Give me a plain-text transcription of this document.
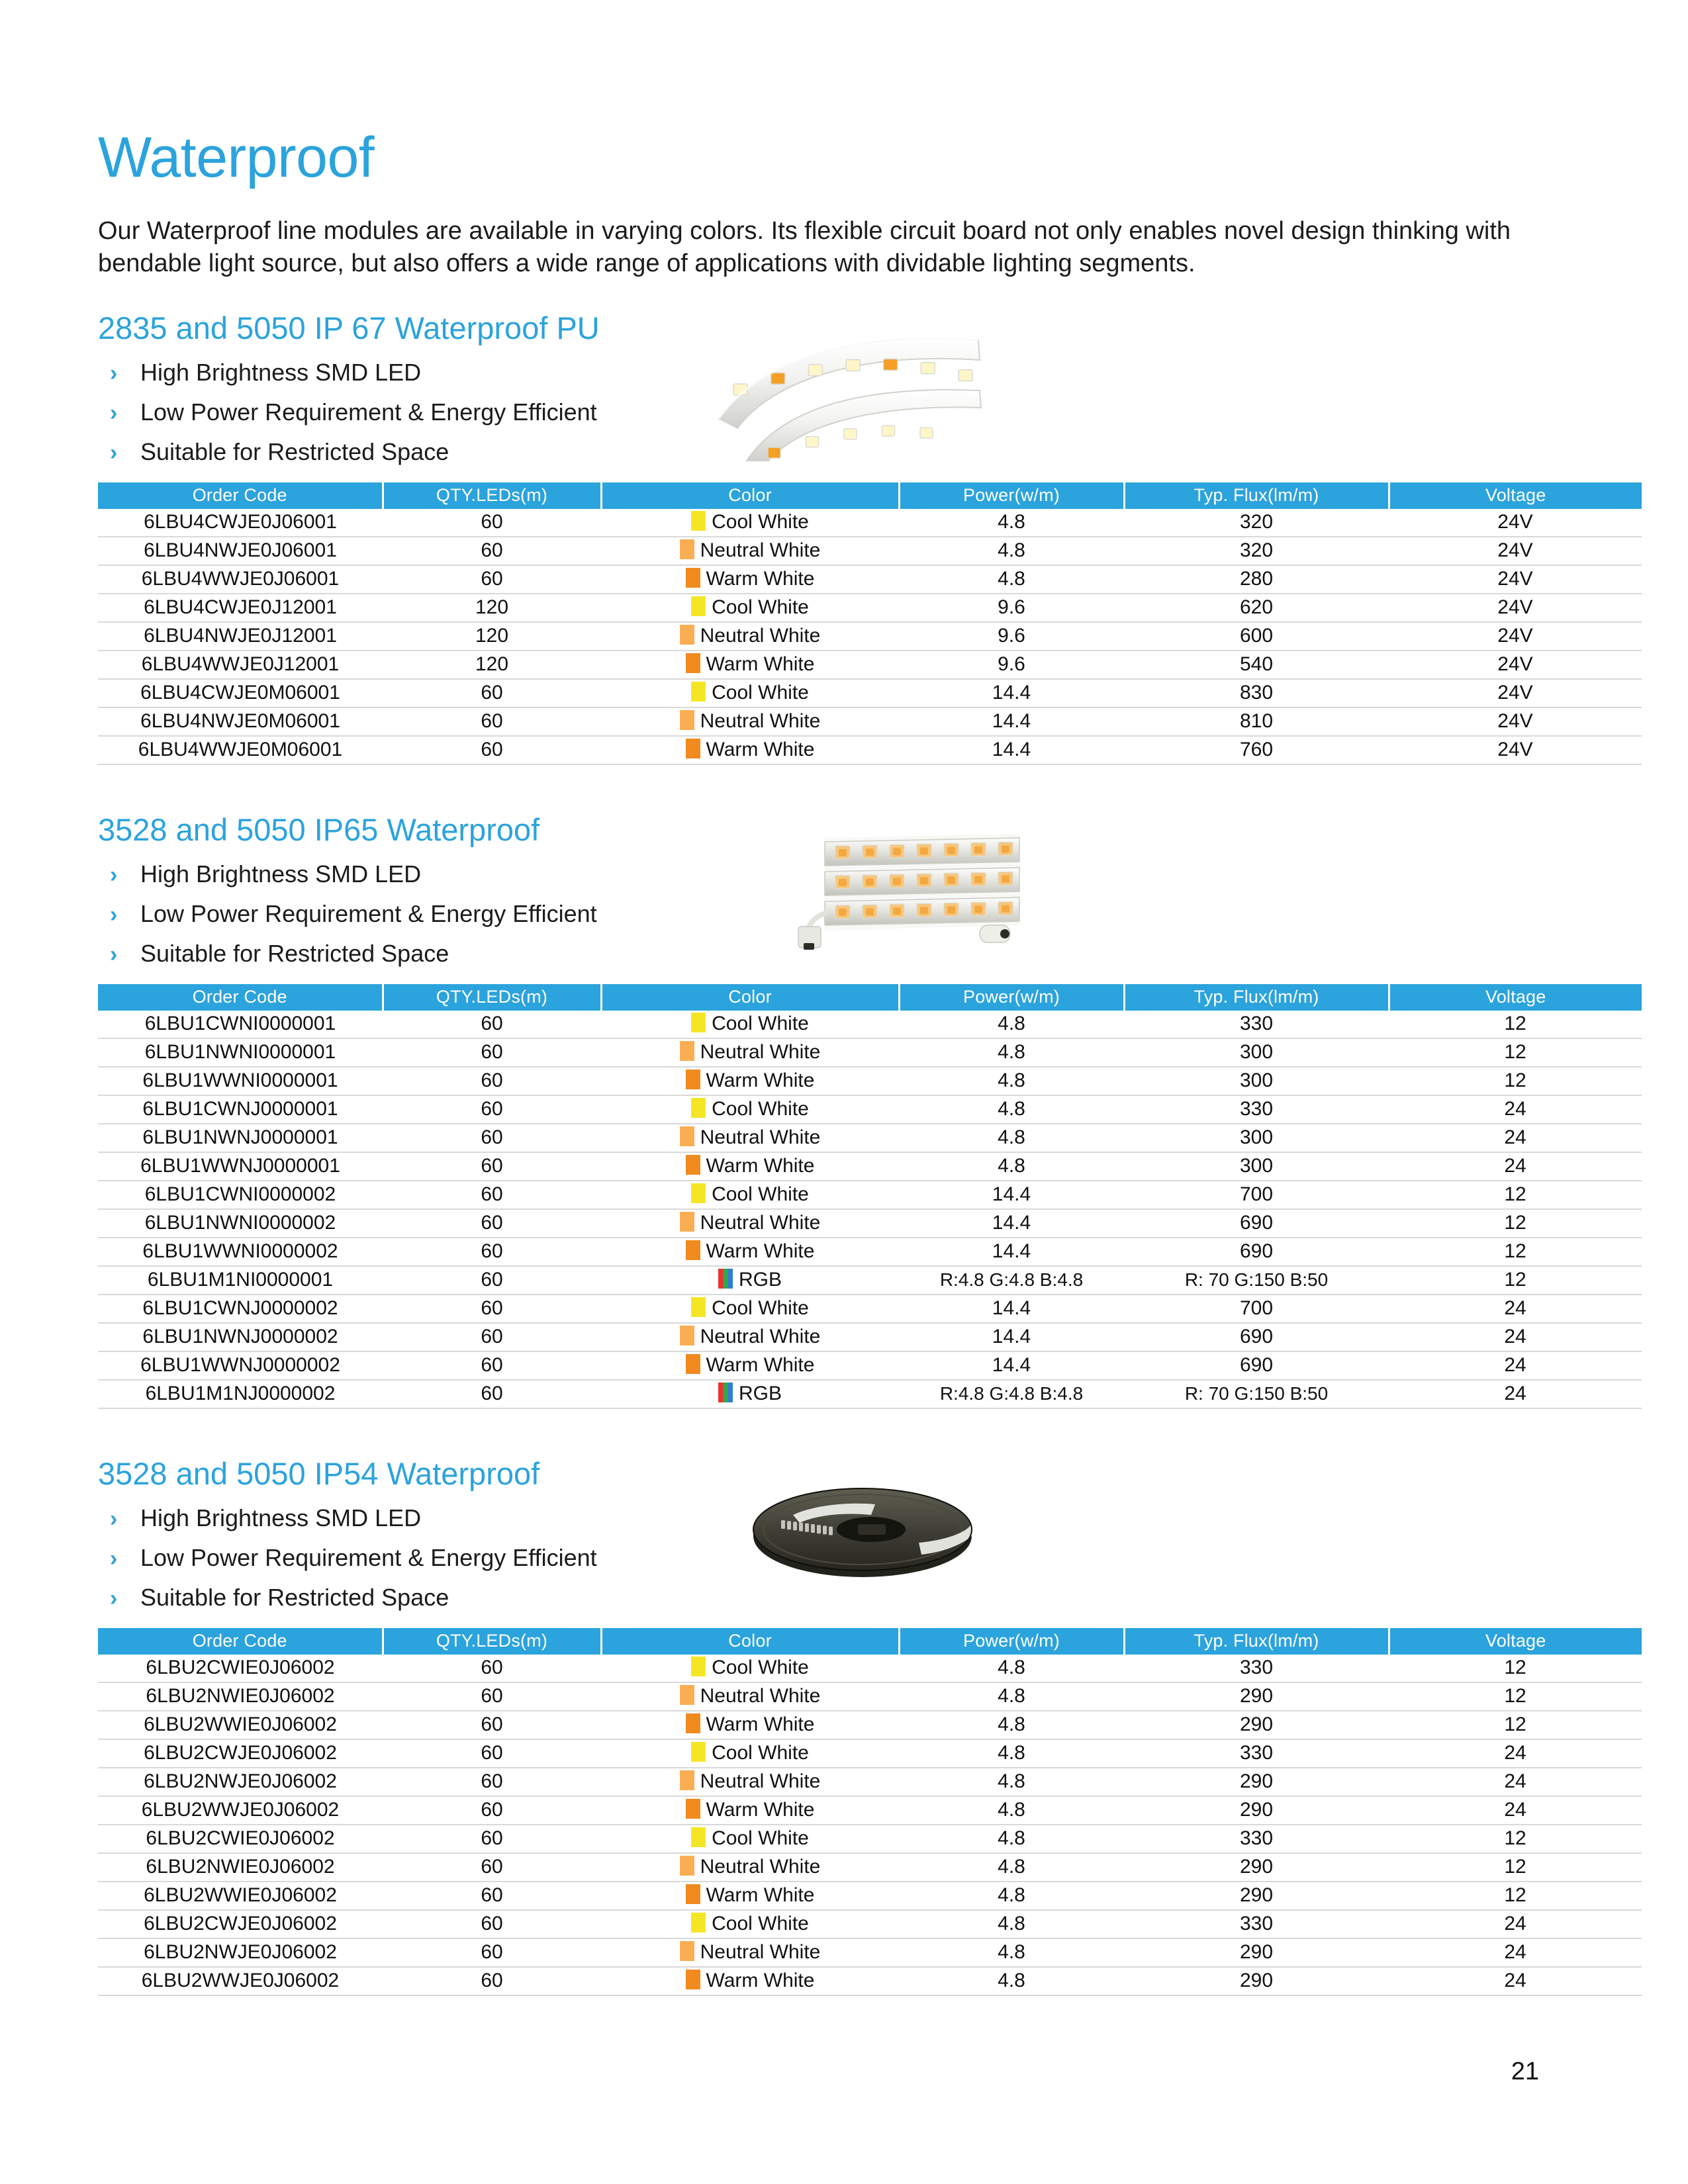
Waterproof

Our Waterproof line modules are available in varying colors. Its flexible circuit board not only enables novel design thinking with bendable light source, but also offers a wide range of applications with dividable lighting segments.

2835 and 5050 IP 67 Waterproof PU
› High Brightness SMD LED
› Low Power Requirement & Energy Efficient
› Suitable for Restricted Space
Order Code	QTY.LEDs(m)	Color	Power(w/m)	Typ. Flux(lm/m)	Voltage
6LBU4CWJE0J06001	60	Cool White	4.8	320	24V
6LBU4NWJE0J06001	60	Neutral White	4.8	320	24V
6LBU4WWJE0J06001	60	Warm White	4.8	280	24V
6LBU4CWJE0J12001	120	Cool White	9.6	620	24V
6LBU4NWJE0J12001	120	Neutral White	9.6	600	24V
6LBU4WWJE0J12001	120	Warm White	9.6	540	24V
6LBU4CWJE0M06001	60	Cool White	14.4	830	24V
6LBU4NWJE0M06001	60	Neutral White	14.4	810	24V
6LBU4WWJE0M06001	60	Warm White	14.4	760	24V
3528 and 5050 IP65 Waterproof
› High Brightness SMD LED
› Low Power Requirement & Energy Efficient
› Suitable for Restricted Space
Order Code	QTY.LEDs(m)	Color	Power(w/m)	Typ. Flux(lm/m)	Voltage
6LBU1CWNI0000001	60	Cool White	4.8	330	12
6LBU1NWNI0000001	60	Neutral White	4.8	300	12
6LBU1WWNI0000001	60	Warm White	4.8	300	12
6LBU1CWNJ0000001	60	Cool White	4.8	330	24
6LBU1NWNJ0000001	60	Neutral White	4.8	300	24
6LBU1WWNJ0000001	60	Warm White	4.8	300	24
6LBU1CWNI0000002	60	Cool White	14.4	700	12
6LBU1NWNI0000002	60	Neutral White	14.4	690	12
6LBU1WWNI0000002	60	Warm White	14.4	690	12
6LBU1M1NI0000001	60	RGB	R:4.8 G:4.8 B:4.8	R: 70 G:150 B:50	12
6LBU1CWNJ0000002	60	Cool White	14.4	700	24
6LBU1NWNJ0000002	60	Neutral White	14.4	690	24
6LBU1WWNJ0000002	60	Warm White	14.4	690	24
6LBU1M1NJ0000002	60	RGB	R:4.8 G:4.8 B:4.8	R: 70 G:150 B:50	24
3528 and 5050 IP54 Waterproof
› High Brightness SMD LED
› Low Power Requirement & Energy Efficient
› Suitable for Restricted Space
Order Code	QTY.LEDs(m)	Color	Power(w/m)	Typ. Flux(lm/m)	Voltage
6LBU2CWIE0J06002	60	Cool White	4.8	330	12
6LBU2NWIE0J06002	60	Neutral White	4.8	290	12
6LBU2WWIE0J06002	60	Warm White	4.8	290	12
6LBU2CWJE0J06002	60	Cool White	4.8	330	24
6LBU2NWJE0J06002	60	Neutral White	4.8	290	24
6LBU2WWJE0J06002	60	Warm White	4.8	290	24
6LBU2CWIE0J06002	60	Cool White	4.8	330	12
6LBU2NWIE0J06002	60	Neutral White	4.8	290	12
6LBU2WWIE0J06002	60	Warm White	4.8	290	12
6LBU2CWJE0J06002	60	Cool White	4.8	330	24
6LBU2NWJE0J06002	60	Neutral White	4.8	290	24
6LBU2WWJE0J06002	60	Warm White	4.8	290	24
21
